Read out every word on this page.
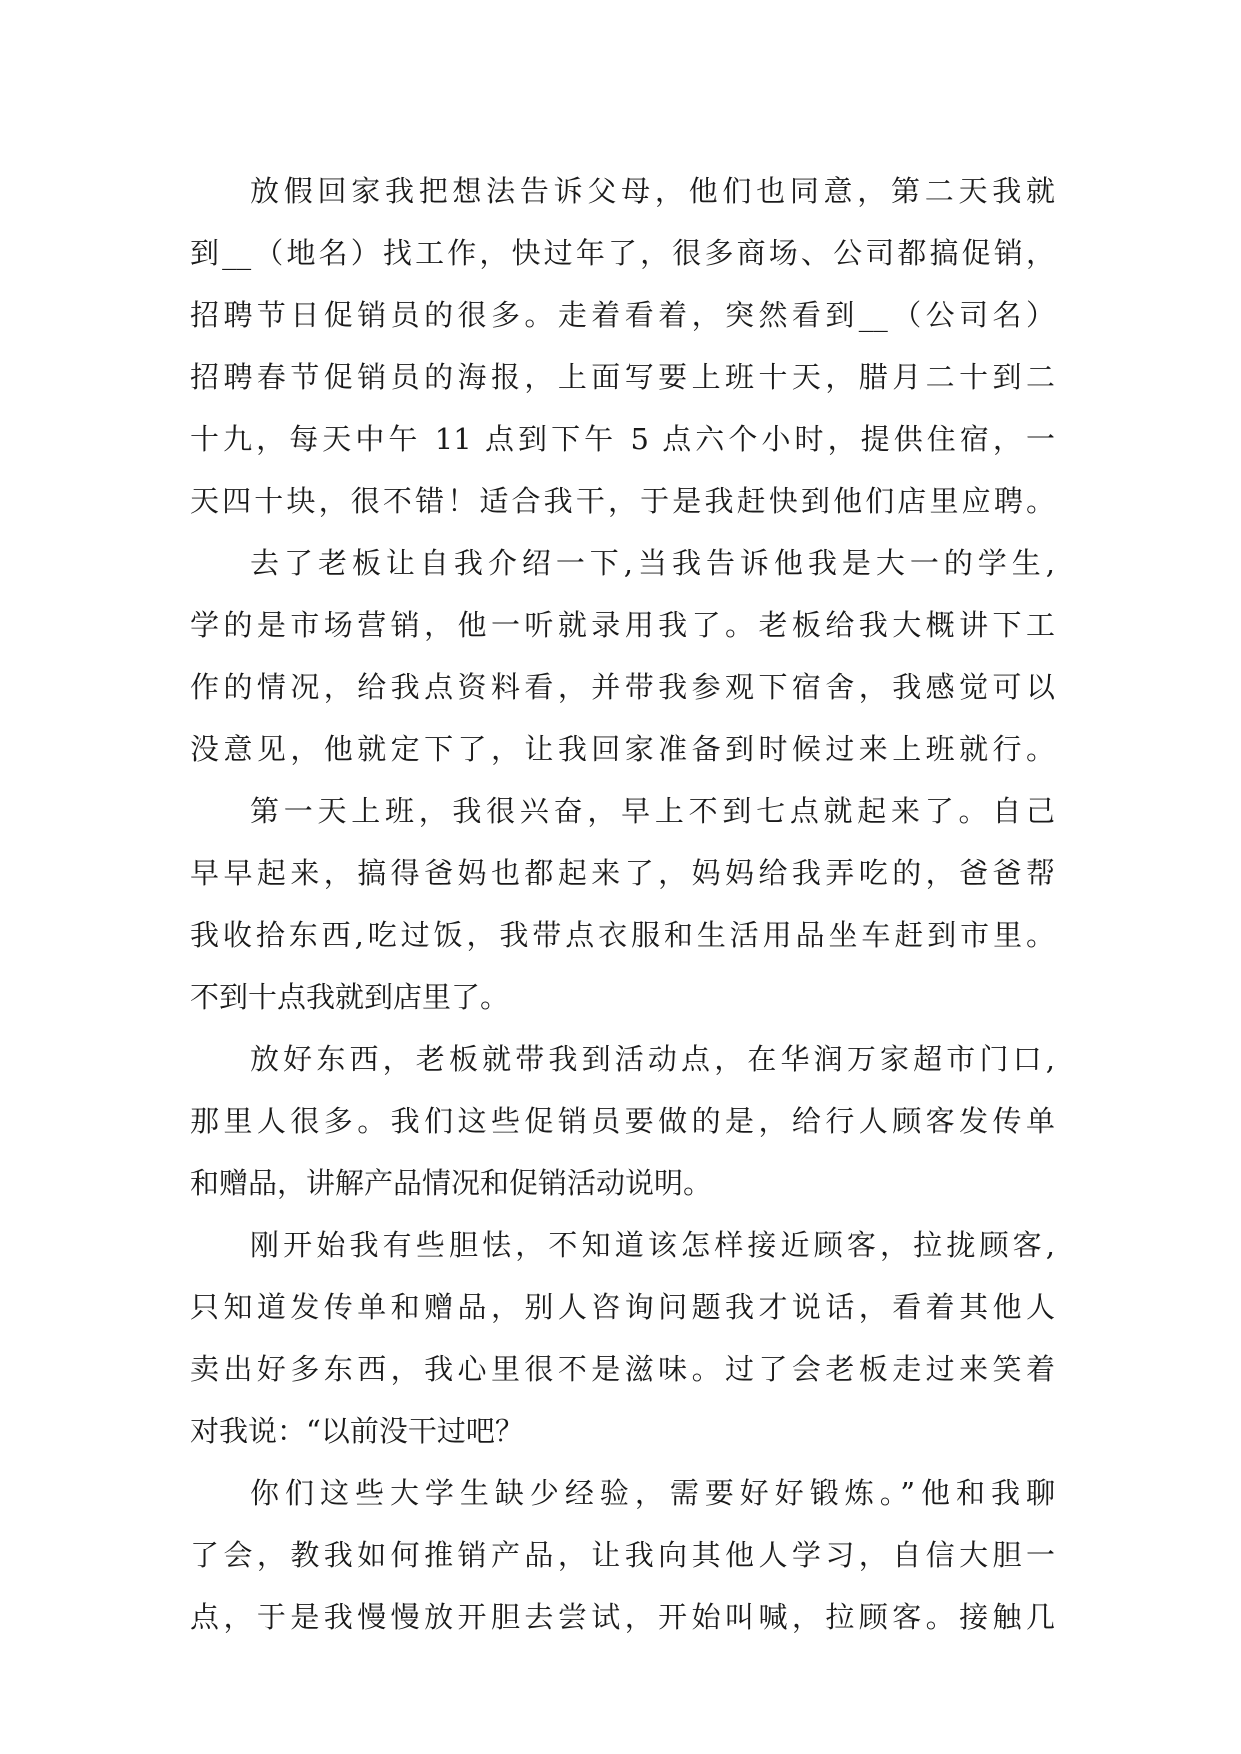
放假回家我把想法告诉父母，他们也同意，第二天我就
到__（地名）找工作，快过年了，很多商场、公司都搞促销，
招聘节日促销员的很多。走着看着，突然看到__（公司名）
招聘春节促销员的海报，上面写要上班十天，腊月二十到二
十九，每天中午 11 点到下午 5 点六个小时，提供住宿，一
天四十块，很不错！适合我干，于是我赶快到他们店里应聘。
去了老板让自我介绍一下,当我告诉他我是大一的学生,
学的是市场营销，他一听就录用我了。老板给我大概讲下工
作的情况，给我点资料看，并带我参观下宿舍，我感觉可以
没意见，他就定下了，让我回家准备到时候过来上班就行。
第一天上班，我很兴奋，早上不到七点就起来了。自己
早早起来，搞得爸妈也都起来了，妈妈给我弄吃的，爸爸帮
我收拾东西,吃过饭，我带点衣服和生活用品坐车赶到市里。
不到十点我就到店里了。
放好东西，老板就带我到活动点，在华润万家超市门口,
那里人很多。我们这些促销员要做的是，给行人顾客发传单
和赠品，讲解产品情况和促销活动说明。
刚开始我有些胆怯，不知道该怎样接近顾客，拉拢顾客,
只知道发传单和赠品，别人咨询问题我才说话，看着其他人
卖出好多东西，我心里很不是滋味。过了会老板走过来笑着
对我说：“以前没干过吧？
你们这些大学生缺少经验，需要好好锻炼。”他和我聊
了会，教我如何推销产品，让我向其他人学习，自信大胆一
点，于是我慢慢放开胆去尝试，开始叫喊，拉顾客。接触几
